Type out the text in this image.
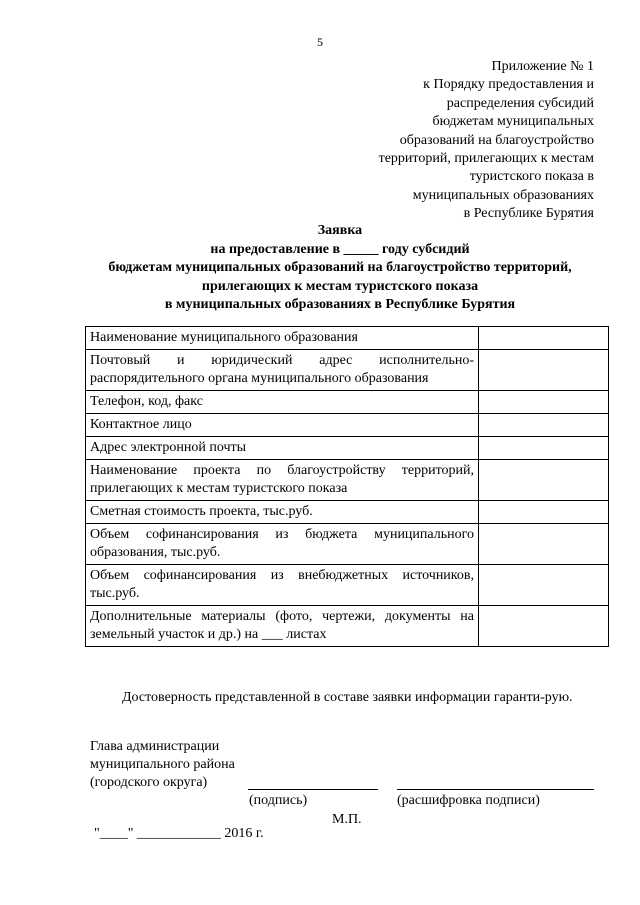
5
Приложение № 1
к Порядку предоставления и
распределения субсидий
бюджетам муниципальных
образований на благоустройство
территорий, прилегающих к местам
туристского показа в
муниципальных образованиях
в Республике Бурятия
Заявка
на предоставление в _____ году субсидий
бюджетам муниципальных образований на благоустройство территорий,
прилегающих к местам туристского показа
в муниципальных образованиях в Республике Бурятия
Наименование муниципального образования	
Почтовый и юридический адрес исполнительно-распорядительного органа муниципального образования	
Телефон, код, факс	
Контактное лицо	
Адрес электронной почты	
Наименование проекта по благоустройству территорий, прилегающих к местам туристского показа	
Сметная стоимость проекта, тыс.руб.	
Объем софинансирования из бюджета муниципального образования, тыс.руб.	
Объем софинансирования из внебюджетных источников, тыс.руб.	
Дополнительные материалы (фото, чертежи, документы на земельный участок и др.) на ___ листах	
Достоверность представленной в составе заявки информации гаранти-рую.
Глава администрации
муниципального района
(городского округа)
(подпись)	(расшифровка подписи)
М.П.
"____" ____________ 2016 г.
